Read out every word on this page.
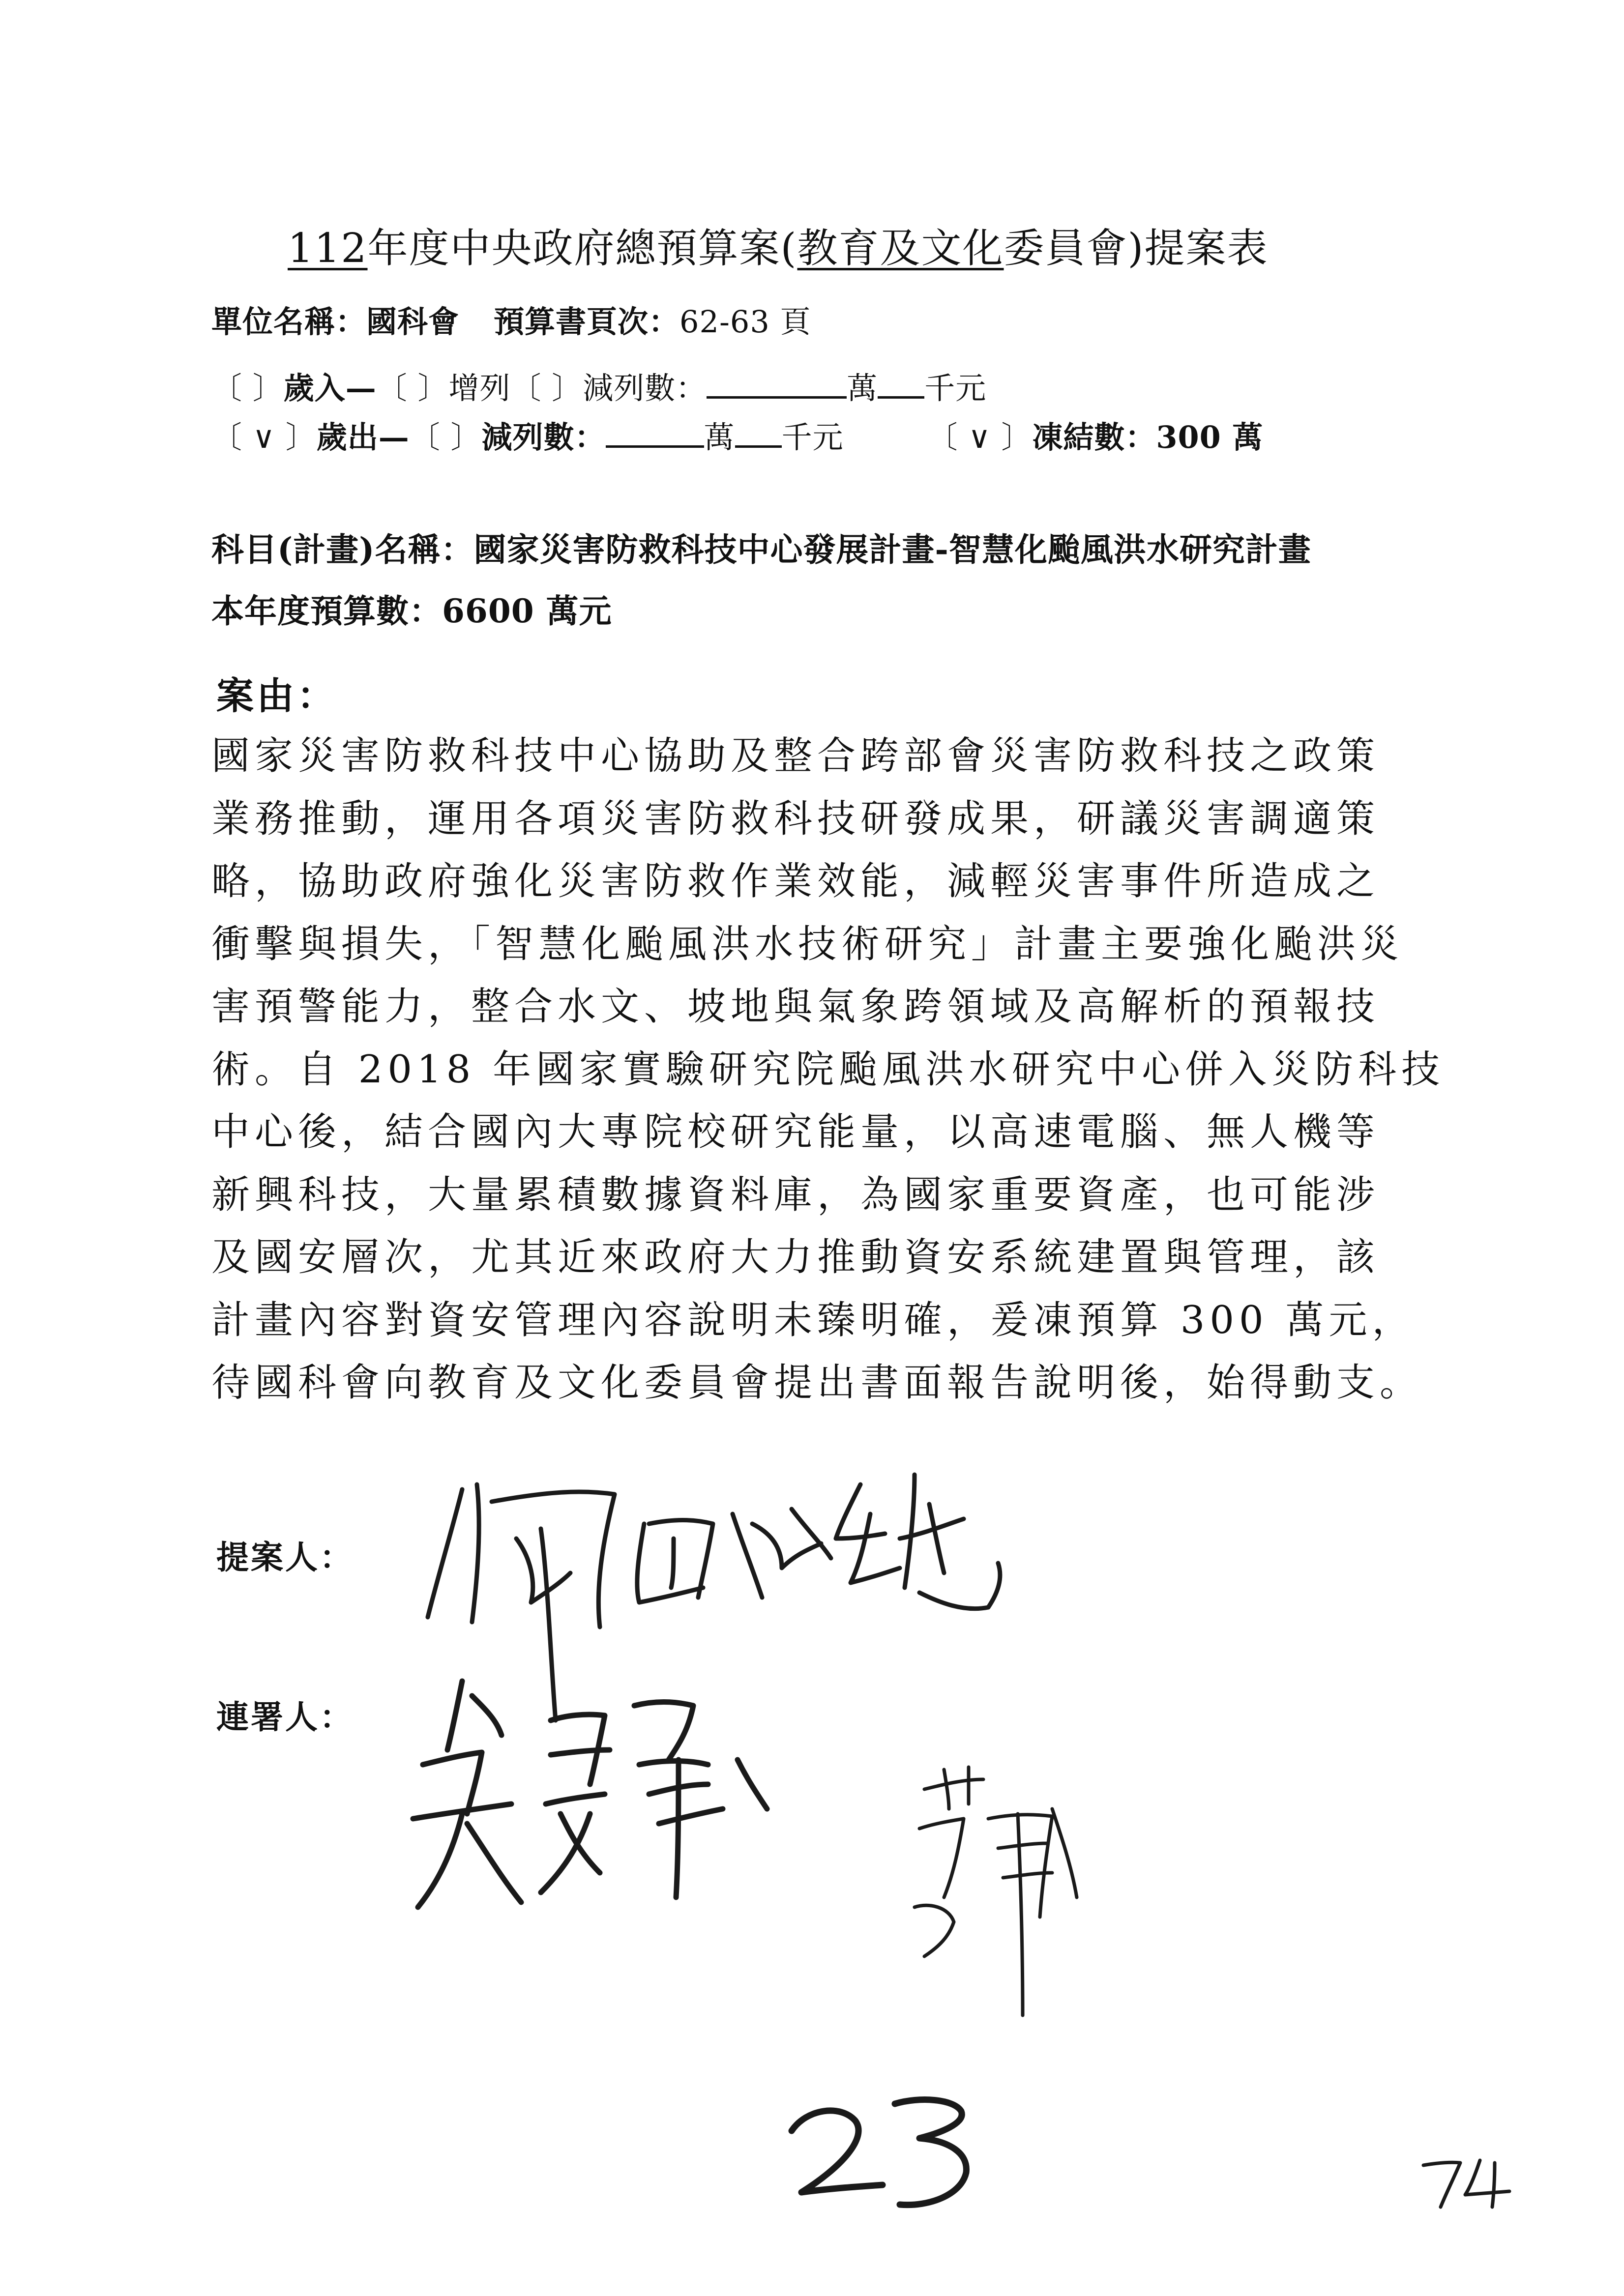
112年度中央政府總預算案(教育及文化委員會)提案表
單位名稱：國科會 預算書頁次：62-63 頁
〔 〕歲入—〔 〕增列〔 〕減列數：	萬 千元
〔 ∨ 〕歲出—〔 〕減列數：	萬 千元	〔 ∨ 〕凍結數：300 萬
科目(計畫)名稱：國家災害防救科技中心發展計畫-智慧化颱風洪水研究計畫
本年度預算數：6600 萬元
案由：

國家災害防救科技中心協助及整合跨部會災害防救科技之政策

業務推動，運用各項災害防救科技研發成果，研議災害調適策

略，協助政府強化災害防救作業效能，減輕災害事件所造成之

衝擊與損失，「智慧化颱風洪水技術研究」計畫主要強化颱洪災

害預警能力，整合水文、坡地與氣象跨領域及高解析的預報技

術。自 2018 年國家實驗研究院颱風洪水研究中心併入災防科技

中心後，結合國內大專院校研究能量，以高速電腦、無人機等

新興科技，大量累積數據資料庫，為國家重要資產，也可能涉

及國安層次，尤其近來政府大力推動資安系統建置與管理，該

計畫內容對資安管理內容說明未臻明確，爰凍預算 300 萬元，

待國科會向教育及文化委員會提出書面報告說明後，始得動支。

提案人：
連署人：
